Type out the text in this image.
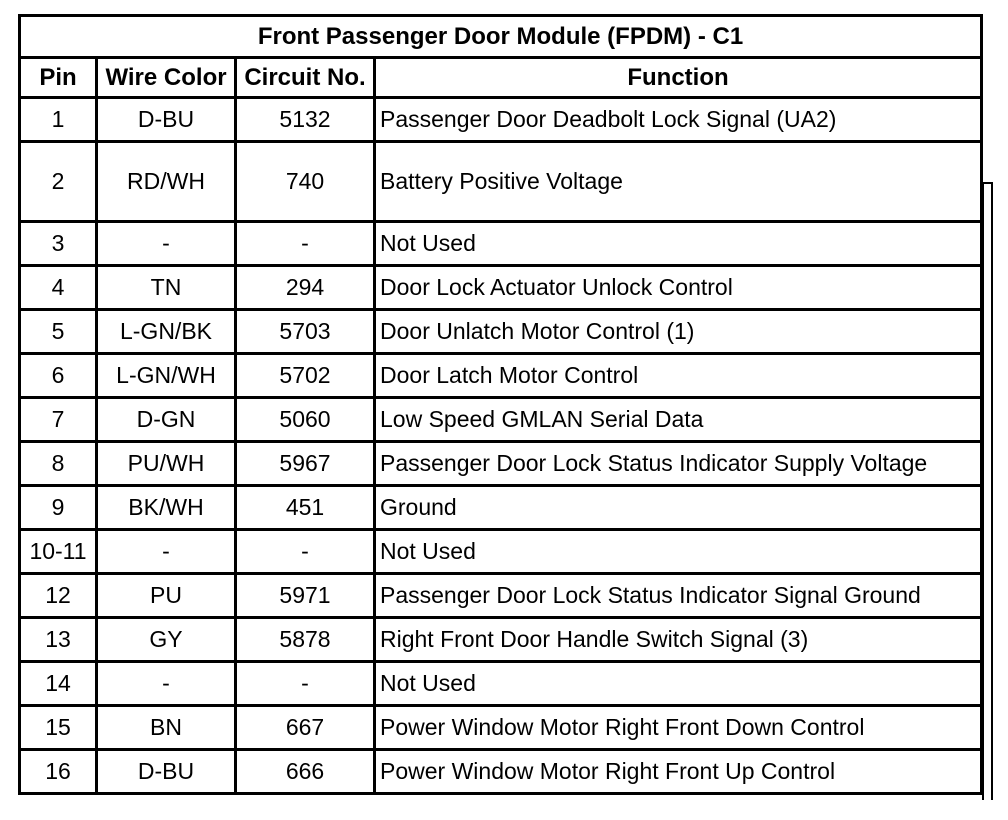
Front Passenger Door Module (FPDM) - C1			
Pin	Wire Color	Circuit No.	Function
1	D-BU	5132	Passenger Door Deadbolt Lock Signal (UA2)
2	RD/WH	740	Battery Positive Voltage
3	-	-	Not Used
4	TN	294	Door Lock Actuator Unlock Control
5	L-GN/BK	5703	Door Unlatch Motor Control (1)
6	L-GN/WH	5702	Door Latch Motor Control
7	D-GN	5060	Low Speed GMLAN Serial Data
8	PU/WH	5967	Passenger Door Lock Status Indicator Supply Voltage
9	BK/WH	451	Ground
10-11	-	-	Not Used
12	PU	5971	Passenger Door Lock Status Indicator Signal Ground
13	GY	5878	Right Front Door Handle Switch Signal (3)
14	-	-	Not Used
15	BN	667	Power Window Motor Right Front Down Control
16	D-BU	666	Power Window Motor Right Front Up Control
